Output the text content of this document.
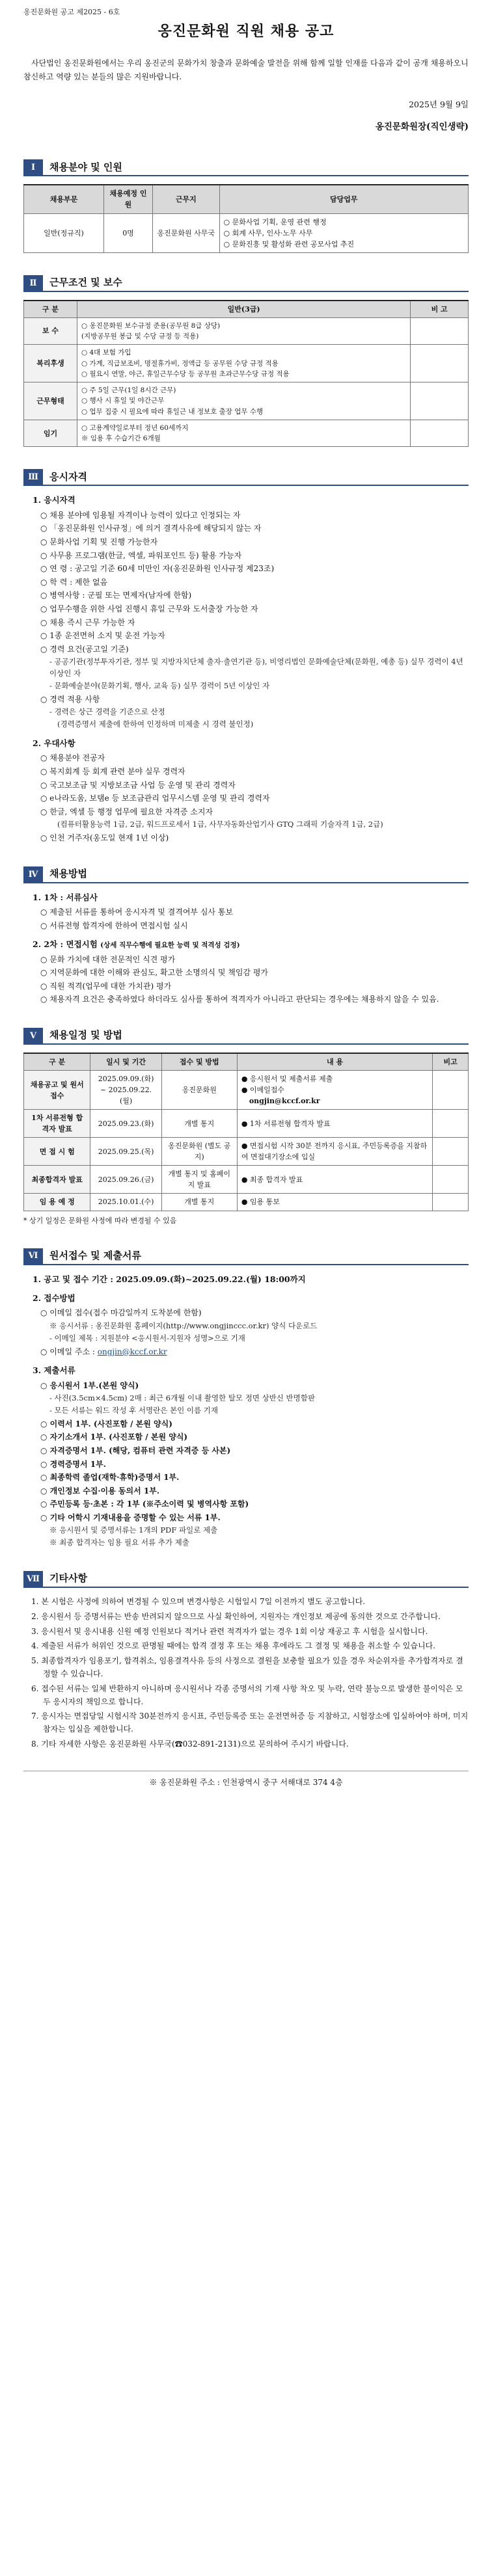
옹진문화원 공고 제2025 - 6호
옹진문화원 직원 채용 공고

사단법인 옹진문화원에서는 우리 옹진군의 문화가치 창출과 문화예술 발전을 위해 함께 일할 인재를 다음과 같이 공개 채용하오니 참신하고 역량 있는 분들의 많은 지원바랍니다.

2025년 9월 9일
옹진문화원장(직인생략)
Ⅰ	채용분야 및 인원
채용부문	채용예정 인원	근무지	담당업무
일반(정규직)	0명	옹진문화원 사무국	○ 문화사업 기획, 운영 관련 행정
○ 회계 사무, 인사·노무 사무
○ 문화진흥 및 활성화 관련 공모사업 추진
Ⅱ	근무조건 및 보수
구 분	일반(3급)	비 고
보 수	○ 옹진문화원 보수규정 준용(공무원 8급 상당)
(지방공무원 봉급 및 수당 규정 등 적용)	

복리후생	○ 4대 보험 가입
○ 가계, 직급보조비, 명절휴가비, 정액급 등 공무원 수당 규정 적용
○ 월요시 연말, 야근, 휴일근무수당 등 공무원 초과근무수당 규정 적용	

근무형태	○ 주 5일 근무(1일 8시간 근무)
○ 행사 시 휴일 및 야간근무
○ 업무 집중 시 필요에 따라 휴일근 내 정보호 출장 업무 수행	

임기	○ 고용계약일로부터 정년 60세까지
※ 임용 후 수습기간 6개월	

Ⅲ	응시자격
1. 응시자격
○ 채용 분야에 임용될 자격이나 능력이 있다고 인정되는 자
○ 「옹진문화원 인사규정」에 의거 결격사유에 해당되지 않는 자
○ 문화사업 기획 및 진행 가능한자
○ 사무용 프로그램(한글, 엑셀, 파워포인트 등) 활용 가능자
○ 연 령 : 공고일 기준 60세 미만인 자(옹진문화원 인사규정 제23조)
○ 학 력 : 제한 없음
○ 병역사항 : 군필 또는 면제자(남자에 한함)
○ 업무수행을 위한 사업 진행시 휴일 근무와 도서출장 가능한 자
○ 채용 즉시 근무 가능한 자
○ 1종 운전면허 소지 및 운전 가능자
○ 경력 요건(공고일 기준)
- 공공기관(정부투자기관, 정부 및 지방자치단체 출자·출연기관 등), 비영리법인 문화예술단체(문화원, 예총 등) 실무 경력이 4년 이상인 자
- 문화예술분야(문화기획, 행사, 교육 등) 실무 경력이 5년 이상인 자
○ 경력 적용 사항
- 경력은 상근 경력을 기준으로 산정
(경력증명서 제출에 한하여 인정하며 미제출 시 경력 불인정)
2. 우대사항
○ 채용분야 전공자
○ 복지회계 등 회계 관련 분야 실무 경력자
○ 국고보조금 및 지방보조금 사업 등 운영 및 관리 경력자
○ e나라도움, 보탬e 등 보조금관리 업무시스템 운영 및 관리 경력자
○ 한글, 엑셀 등 행정 업무에 필요한 자격증 소지자
(컴퓨터활용능력 1급, 2급, 워드프로세서 1급, 사무자동화산업기사 GTQ 그래픽 기술자격 1급, 2급)
○ 인천 거주자(옹도일 현재 1년 이상)
Ⅳ	채용방법
1. 1차 : 서류심사
○ 제출된 서류를 통하여 응시자격 및 결격여부 심사 통보
○ 서류전형 합격자에 한하여 면접시험 실시
2. 2차 : 면접시험 (상세 직무수행에 필요한 능력 및 적격성 검정)
○ 문화 가치에 대한 전문적인 식견 평가
○ 지역문화에 대한 이해와 관심도, 확고한 소명의식 및 책임감 평가
○ 직원 적격(업무에 대한 가치관) 평가
○ 채용자격 요건은 충족하였다 하더라도 심사를 통하여 적격자가 아니라고 판단되는 경우에는 채용하지 않을 수 있음.
Ⅴ	채용일정 및 방법
구 분	일시 및 기간	접수 및 방법	내 용	비고
채용공고 및 원서접수	2025.09.09.(화) ~ 2025.09.22.(월)	옹진문화원	● 응시원서 및 제출서류 제출
● 이메일접수
ongjin@kccf.or.kr	

1차 서류전형 합격자 발표	2025.09.23.(화)	개별 통지	● 1차 서류전형 합격자 발표	

면 접 시 험	2025.09.25.(목)	옹진문화원 (별도 공지)	● 면접시험 시작 30분 전까지 응시표, 주민등록증을 지참하여 면접대기장소에 입실	

최종합격자 발표	2025.09.26.(금)	개별 통지 및 홈페이지 발표	● 최종 합격자 발표	

임 용 예 정	2025.10.01.(수)	개별 통지	● 임용 통보	

* 상기 일정은 문화원 사정에 따라 변경될 수 있음
Ⅵ	원서접수 및 제출서류
1. 공고 및 접수 기간 : 2025.09.09.(화)~2025.09.22.(월) 18:00까지
2. 접수방법
○ 이메일 접수(접수 마감일까지 도착분에 한함)
※ 응시서류 : 옹진문화원 홈페이지(http://www.ongjinccc.or.kr) 양식 다운로드
- 이메일 제목 : 지원분야 <응시원서-지원자 성명>으로 기재
○ 이메일 주소 : ongjin@kccf.or.kr
3. 제출서류
○ 응시원서 1부.(본원 양식)
- 사진(3.5cm×4.5cm) 2매 : 최근 6개월 이내 촬영한 탈모 정면 상반신 반명함판
- 모든 서류는 워드 작성 후 서명란은 본인 이름 기재
○ 이력서 1부. (사진포함 / 본원 양식)
○ 자기소개서 1부. (사진포함 / 본원 양식)
○ 자격증명서 1부. (해당, 컴퓨터 관련 자격증 등 사본)
○ 경력증명서 1부.
○ 최종학력 졸업(재학·휴학)증명서 1부.
○ 개인정보 수집·이용 동의서 1부.
○ 주민등록 등·초본 : 각 1부 (※주소이력 및 병역사항 포함)
○ 기타 어학시 기재내용을 증명할 수 있는 서류 1부.
※ 응시원서 및 증명서류는 1개의 PDF 파일로 제출
※ 최종 합격자는 임용 필요 서류 추가 제출
Ⅶ	기타사항
1. 본 시험은 사정에 의하여 변경될 수 있으며 변경사항은 시험일시 7일 이전까지 별도 공고합니다.
2. 응시원서 등 증명서류는 반송 반려되지 않으므로 사실 확인하여, 지원자는 개인정보 제공에 동의한 것으로 간주합니다.
3. 응시원서 및 응시내용 신원 예정 인원보다 적거나 관련 적격자가 없는 경우 1회 이상 재공고 후 시험을 실시합니다.
4. 제출된 서류가 허위인 것으로 판명될 때에는 합격 결정 후 또는 채용 후에라도 그 결정 및 채용을 취소할 수 있습니다.
5. 최종합격자가 임용포기, 합격취소, 임용결격사유 등의 사정으로 결원을 보충할 필요가 있을 경우 차순위자를 추가합격자로 결정할 수 있습니다.
6. 접수된 서류는 일체 반환하지 아니하며 응시원서나 각종 증명서의 기재 사항 착오 및 누락, 연락 불능으로 발생한 불이익은 모두 응시자의 책임으로 합니다.
7. 응시자는 면접당일 시험시작 30분전까지 응시표, 주민등록증 또는 운전면허증 등 지참하고, 시험장소에 입실하여야 하며, 미지참자는 입실을 제한합니다.
8. 기타 자세한 사항은 옹진문화원 사무국(☎032-891-2131)으로 문의하여 주시기 바랍니다.
※ 옹진문화원 주소 : 인천광역시 중구 서해대로 374 4층
